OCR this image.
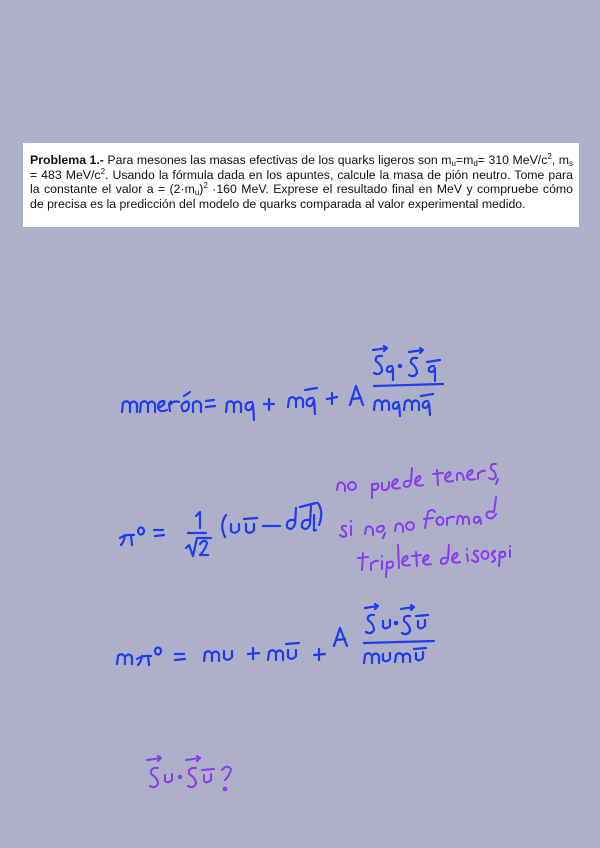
Problema 1.- Para mesones las masas efectivas de los quarks ligeros son $m_u=m_d= 310$ MeV/$c^2$, $m_s = 483$ MeV/$c^2$. Usando la fórmula dada en los apuntes, calcule la masa de pión neutro. Tome para la constante el valor $a = (2\cdot m_u)^2 \cdot 160$ MeV. Exprese el resultado final en MeV y compruebe cómo de precisa es la predicción del modelo de quarks comparada al valor experimental medido.
